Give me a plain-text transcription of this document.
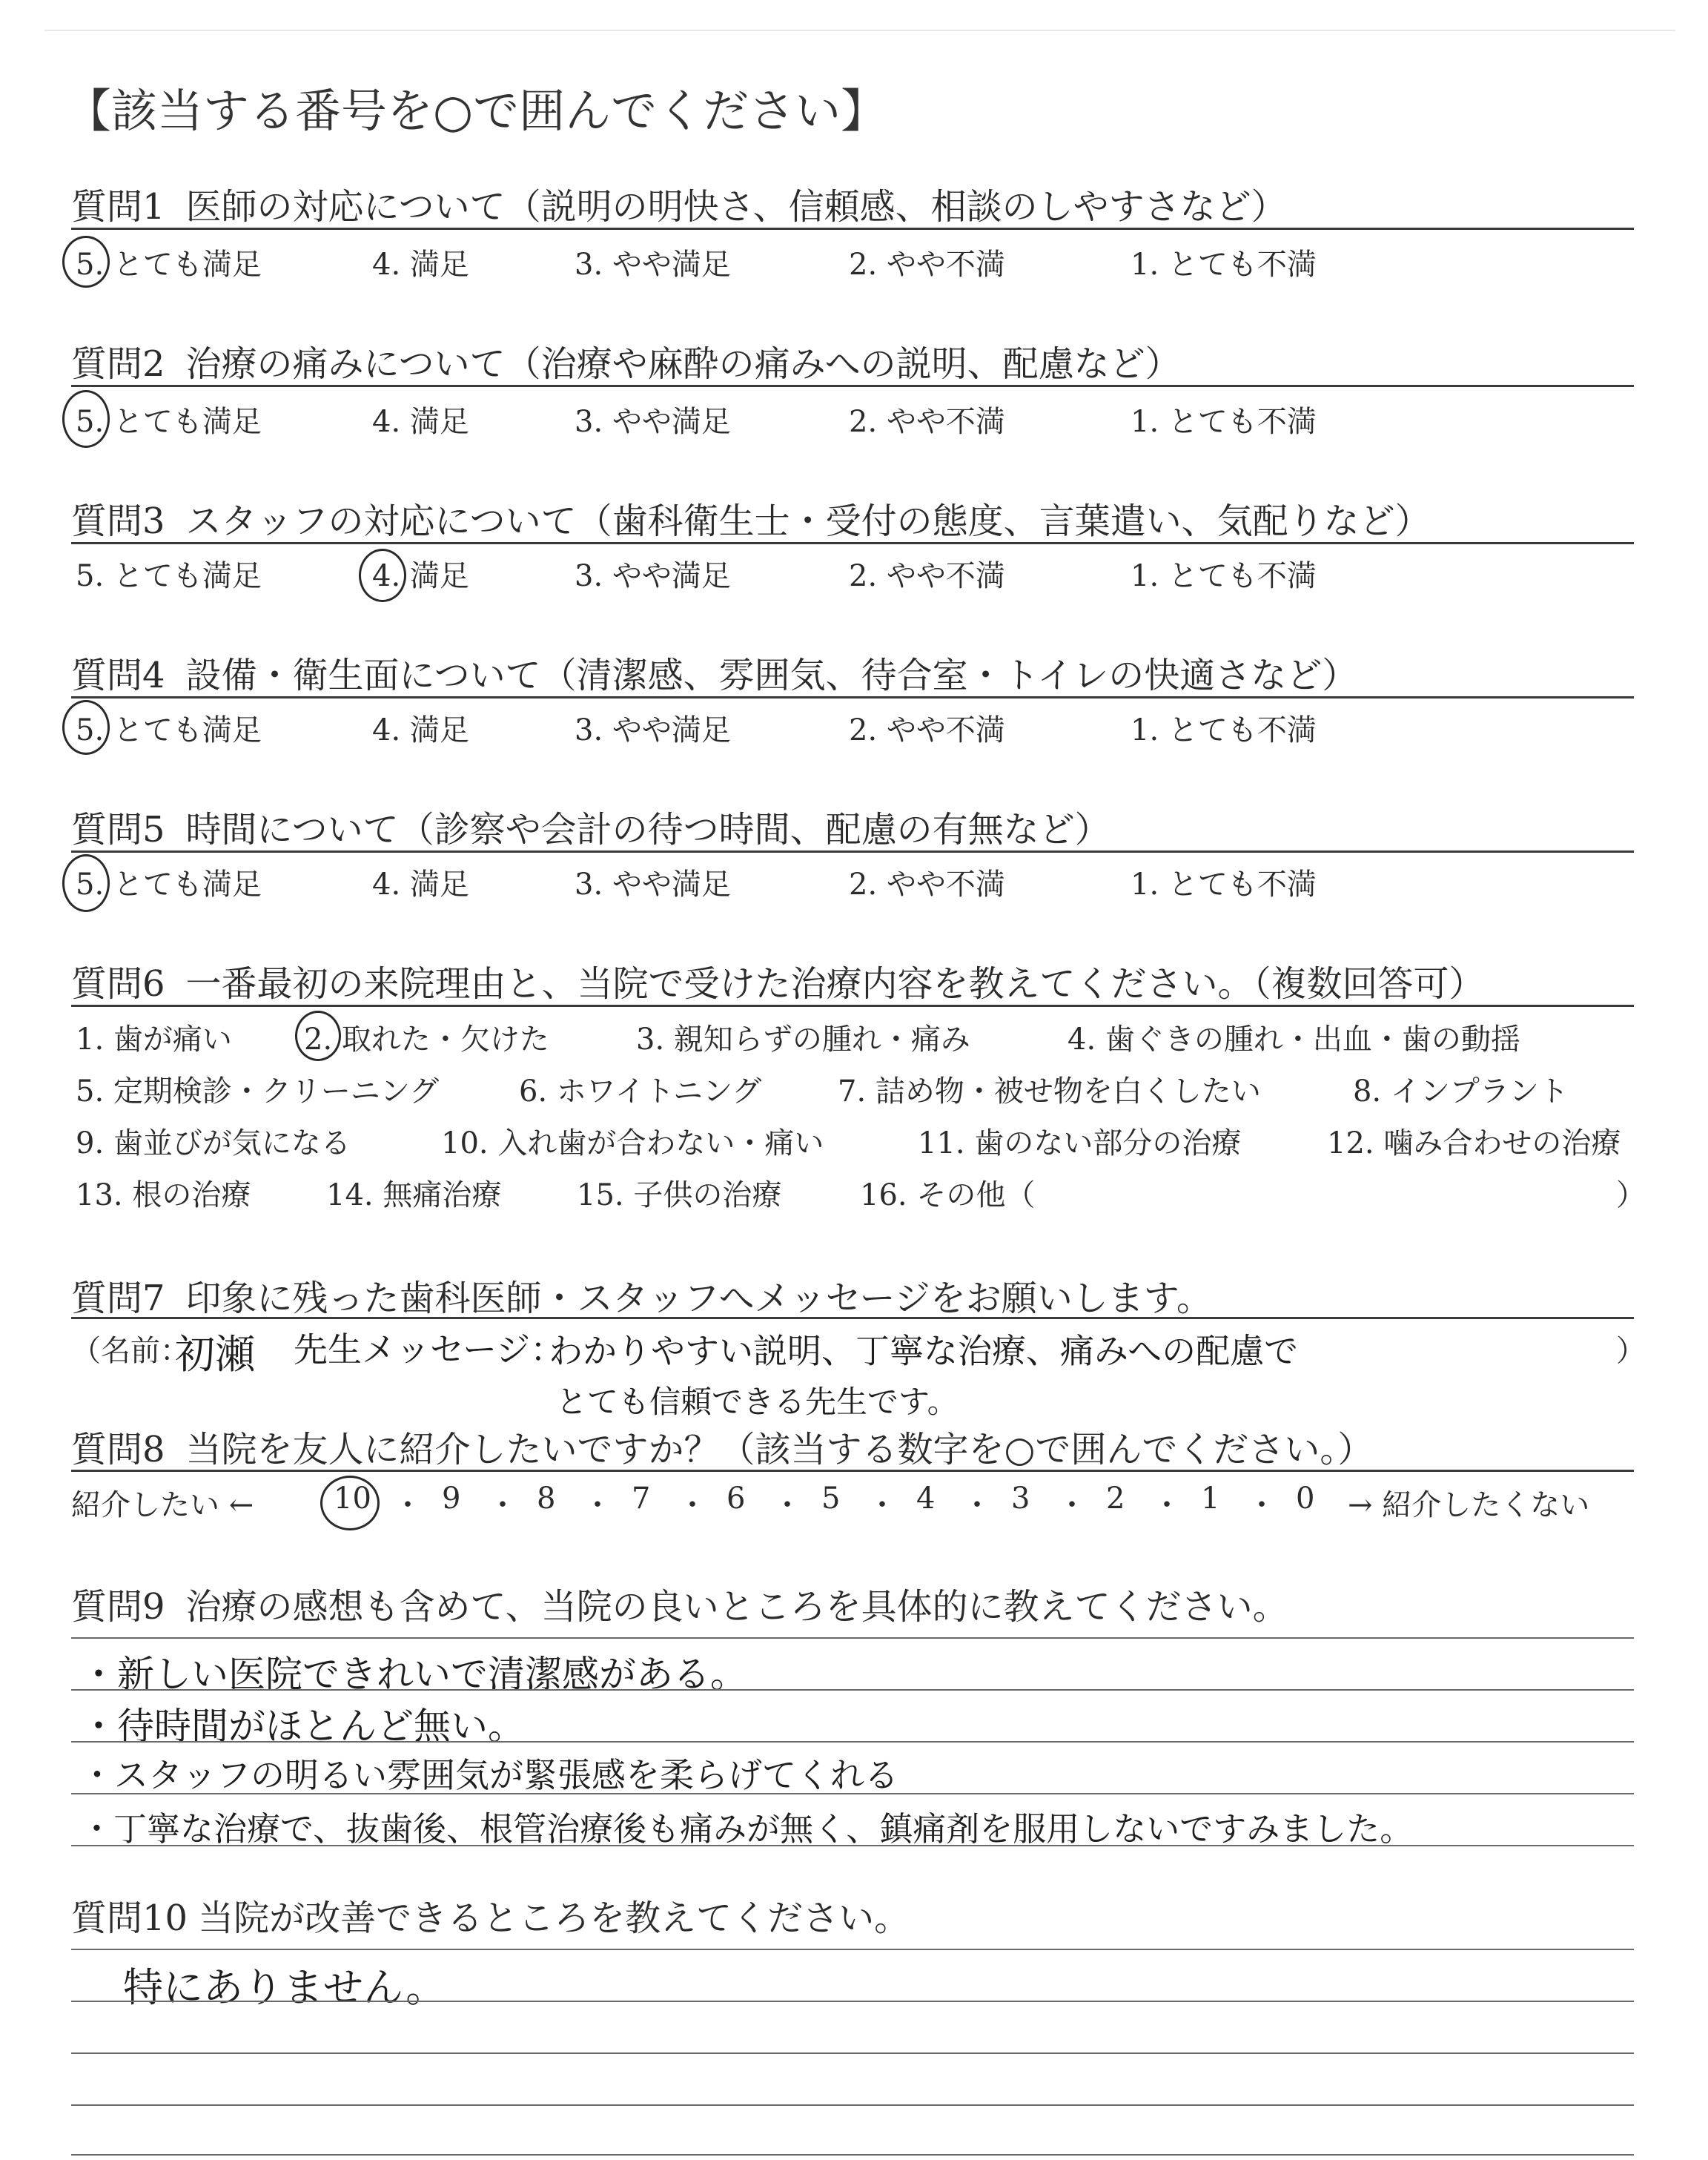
【該当する番号を○で囲んでください】
質問1 医師の対応について（説明の明快さ、信頼感、相談のしやすさなど）
5. とても満足	4. 満足	3. やや満足	2. やや不満	1. とても不満
質問2 治療の痛みについて（治療や麻酔の痛みへの説明、配慮など）
5. とても満足	4. 満足	3. やや満足	2. やや不満	1. とても不満
質問3 スタッフの対応について（歯科衛生士・受付の態度、言葉遣い、気配りなど）
5. とても満足	4. 満足	3. やや満足	2. やや不満	1. とても不満
質問4 設備・衛生面について（清潔感、雰囲気、待合室・トイレの快適さなど）
5. とても満足	4. 満足	3. やや満足	2. やや不満	1. とても不満
質問5 時間について（診察や会計の待つ時間、配慮の有無など）
5. とても満足	4. 満足	3. やや満足	2. やや不満	1. とても不満
質問6 一番最初の来院理由と、当院で受けた治療内容を教えてください。（複数回答可）
1. 歯が痛い 2. 取れた・欠けた	3. 親知らずの腫れ・痛み	4. 歯ぐきの腫れ・出血・歯の動揺
5. 定期検診・クリーニング	6. ホワイトニング	7. 詰め物・被せ物を白くしたい	8. インプラント
9. 歯並びが気になる	10. 入れ歯が合わない・痛い	11. 歯のない部分の治療	12. 噛み合わせの治療
13. 根の治療	14. 無痛治療	15. 子供の治療	16. その他（	）
質問7 印象に残った歯科医師・スタッフへメッセージをお願いします。
（名前：
初瀬 先生メッセージ：
わかりやすい説明、丁寧な治療、痛みへの配慮で	）
とても信頼できる先生です。
質問8 当院を友人に紹介したいですか？（該当する数字を○で囲んでください。）
紹介したい ←	10 ・ 9 ・ 8 ・ 7 ・ 6 ・ 5 ・ 4 ・ 3 ・ 2 ・ 1 ・ 0 → 紹介したくない
質問9 治療の感想も含めて、当院の良いところを具体的に教えてください。
・新しい医院できれいで清潔感がある。
・待時間がほとんど無い。
・スタッフの明るい雰囲気が緊張感を柔らげてくれる
・丁寧な治療で、抜歯後、根管治療後も痛みが無く、鎮痛剤を服用しないですみました。
質問10 当院が改善できるところを教えてください。
特にありません。
